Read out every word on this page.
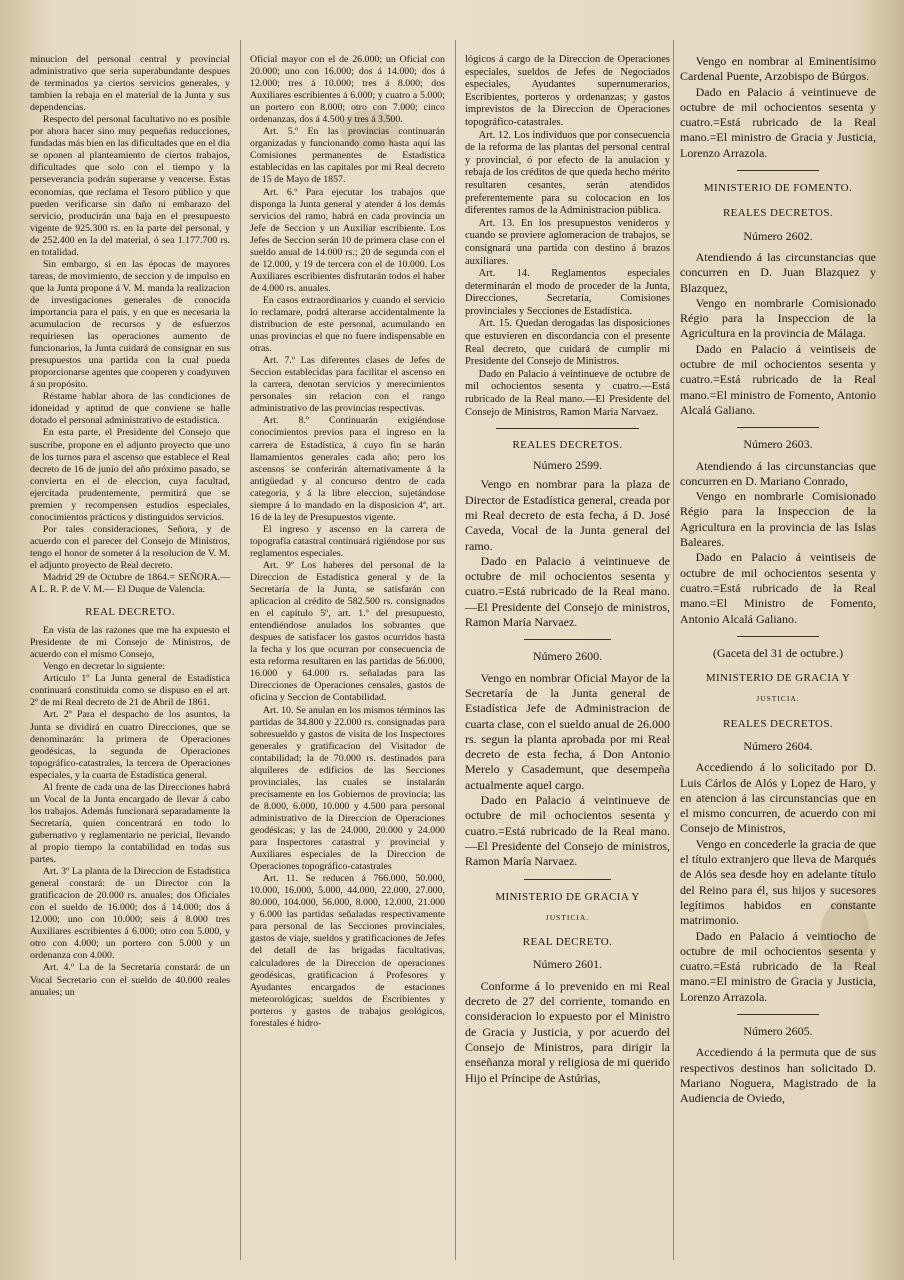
minucion del personal central y provincial administrativo que seria superabundante despues de terminados ya ciertos servicios generales, y tambien la rebaja en el material de la Junta y sus dependencias.

Respecto del personal facultativo no es posible por ahora hacer sino muy pequeñas reducciones, fundadas más bien en las dificultades que en el dia se oponen al planteamiento de ciertos trabajos, dificultades que solo con el tiempo y la perseverancia podrán superarse y vencerse. Estas economías, que reclama el Tesoro público y que pueden verificarse sin daño ni embarazo del servicio, producirán una baja en el presupuesto vigente de 925.300 rs. en la parte del personal, y de 252.400 en la del material, ó sea 1.177.700 rs. en totalidad.

Sin embargo, si en las épocas de mayores tareas, de movimiento, de seccion y de impulso en que la Junta propone á V. M. manda la realizacion de investigaciones generales de conocida importancia para el país, y en que es necesaria la acumulacion de recursos y de esfuerzos requiriesen las operaciones aumento de funcionarios, la Junta cuidará de consignar en sus presupuestos una partida con la cual pueda proporcionarse agentes que cooperen y coadyuven á su propósito.

Réstame hablar ahora de las condiciones de idoneidad y aptitud de que conviene se halle dotado el personal administrativo de estadística.

En esta parte, el Presidente del Consejo que suscribe, propone en el adjunto proyecto que uno de los turnos para el ascenso que establece el Real decreto de 16 de junio del año próximo pasado, se convierta en el de eleccion, cuya facultad, ejercitada prudentemente, permitirá que se premien y recompensen estudios especiales, conocimientos prácticos y distinguidos servicios.

Por tales consideraciones, Señora, y de acuerdo con el parecer del Consejo de Ministros, tengo el honor de someter á la resolucion de V. M. el adjunto proyecto de Real decreto.

Madrid 29 de Octubre de 1864.= SEÑORA.—A L. R. P. de V. M.— El Duque de Valencia.

REAL DECRETO.

En vista de las razones que me ha expuesto el Presidente de mi Consejo de Ministros, de acuerdo con el mismo Consejo,

Vengo en decretar lo siguiente:

Artículo 1º La Junta general de Estadística continuará constituida como se dispuso en el art. 2º de mi Real decreto de 21 de Abril de 1861.

Art. 2º Para el despacho de los asuntos, la Junta se dividirá en cuatro Direcciones, que se denominarán: la primera de Operaciones geodésicas, la segunda de Operaciones topográfico-catastrales, la tercera de Operaciones especiales, y la cuarta de Estadística general.

Al frente de cada una de las Direcciones habrá un Vocal de la Junta encargado de llevar á cabo los trabajos. Además funcionará separadamente la Secretaría, quien concentrará en todo lo gubernativo y reglamentario ne pericial, llevando al propio tiempo la contabilidad en todas sus partes.

Art. 3º La planta de la Direccion de Estadística general constará: de un Director con la gratificacion de 20.000 rs. anuales; dos Oficiales con el sueldo de 16.000; dos á 14.000; dos á 12.000; uno con 10.000; seis á 8.000 tres Auxiliares escribientes á 6.000; otro con 5.000, y otro con 4.000; un portero con 5.000 y un ordenanza con 4.000.

Art. 4.º La de la Secretaría constará: de un Vocal Secretario con el sueldo de 40.000 reales anuales; un

Oficial mayor con el de 26.000; un Oficial con 20.000; uno con 16.000; dos á 14.000; dos á 12.000; tres á 10.000; tres á 8.000; dos Auxiliares escribientes á 6.000; y cuatro a 5.000; un portero con 8.000; otro con 7.000; cinco ordenanzas, dos á 4.500 y tres á 3.500.

Art. 5.º En las provincias continuarán organizadas y funcionando como hasta aquí las Comisiones permanentes de Estadística establecidas en las capitales por mi Real decreto de 15 de Mayo de 1857.

Art. 6.º Para ejecutar los trabajos que disponga la Junta general y atender á los demás servicios del ramo, habrá en cada provincia un Jefe de Seccion y un Auxiliar escribiente. Los Jefes de Seccion serán 10 de primera clase con el sueldo anual de 14.000 rs.; 20 de segunda con el de 12.000, y 19 de tercera con el de 10.000. Los Auxiliares escribientes disfrutarán todos el haber de 4.000 rs. anuales.

En casos extraordinarios y cuando el servicio lo reclamare, podrá alterarse accidentalmente la distribucion de este personal, acumulando en unas provincias el que no fuere indispensable en otras.

Art. 7.º Las diferentes clases de Jefes de Seccion establecidas para facilitar el ascenso en la carrera, denotan servicios y merecimientos personales sin relacion con el rango administrativo de las provincias respectivas.

Art. 8.º Continuarán exigiéndose conocimientos previos para el ingreso en la carrera de Estadística, á cuyo fin se harán llamamientos generales cada año; pero los ascensos se conferirán alternativamente á la antigüedad y al concurso dentro de cada categoría, y á la libre eleccion, sujetándose siempre á lo mandado en la disposicion 4ª, art. 16 de la ley de Presupuestos vigente.

El ingreso y ascenso en la carrera de topografía catastral continuará rigiéndose por sus reglamentos especiales.

Art. 9º Los haberes del personal de la Direccion de Estadística general y de la Secretaría de la Junta, se satisfarán con aplicacion al crédito de 582.500 rs. consignados en el capítulo 5º, art. 1.º del presupuesto, entendiéndose anulados los sobrantes que despues de satisfacer los gastos ocurridos hasta la fecha y los que ocurran por consecuencia de esta reforma resultaren en las partidas de 56.000, 16.000 y 64.000 rs. señaladas para las Direcciones de Operaciones censales, gastos de oficina y Seccion de Contabilidad.

Art. 10. Se anulan en los mismos términos las partidas de 34.800 y 22.000 rs. consignadas para sobresueldo y gastos de visita de los Inspectores generales y gratificacion del Visitador de contabilidad; la de 70.000 rs. destinados para alquileres de edificios de las Secciones provinciales, las cuales se instalarán precisamente en los Gobiernos de provincia; las de 8.000, 6.000, 10.000 y 4.500 para personal administrativo de la Direccion de Operaciones geodésicas; y las de 24.000, 20.000 y 24.000 para Inspectores catastral y provincial y Auxiliares especiales de la Direccion de Operaciones topográfico-catastrales

Art. 11. Se reducen á 766.000, 50.000, 10.000, 16.000, 5.000, 44.000, 22.000, 27.000, 80.000, 104.000, 56.000, 8.000, 12.000, 21.000 y 6.000 las partidas señaladas respectivamente para personal de las Secciones provinciales, gastos de viaje, sueldos y gratificaciones de Jefes del detall de las brigadas facultativas, calculadores de la Direccion de operaciones geodésicas, gratificacion á Profesores y Ayudantes encargados de estaciones meteorológicas; sueldos de Escribientes y porteros y gastos de trabajos geológicos, forestales é hidro-

lógicos á cargo de la Direccion de Operaciones especiales, sueldos de Jefes de Negociados especiales, Ayudantes supernumerarios, Escribientes, porteros y ordenanzas; y gastos imprevistos de la Direccion de Operaciones topográfico-catastrales.

Art. 12. Los individuos que por consecuencia de la reforma de las plantas del personal central y provincial, ó por efecto de la anulacion y rebaja de los créditos de que queda hecho mérito resultaren cesantes, serán atendidos preferentemente para su colocacion en los diferentes ramos de la Administracion pública.

Art. 13. En los presupuestos venideros y cuando se proviere aglomeracion de trabajos, se consignará una partida con destino á brazos auxiliares.

Art. 14. Reglamentos especiales determinarán el modo de proceder de la Junta, Direcciones, Secretaría, Comisiones provinciales y Secciones de Estadística.

Art. 15. Quedan derogadas las disposiciones que estuvieren en discordancia con el presente Real decreto, que cuidará de cumplir mi Presidente del Consejo de Ministros.

Dado en Palacio á veintinueve de octubre de mil ochocientos sesenta y cuatro.—Está rubricado de la Real mano.—El Presidente del Consejo de Ministros, Ramon María Narvaez.

REALES DECRETOS.
Número 2599.

Vengo en nombrar para la plaza de Director de Estadística general, creada por mi Real decreto de esta fecha, á D. José Caveda, Vocal de la Junta general del ramo.

Dado en Palacio á veintinueve de octubre de mil ochocientos sesenta y cuatro.=Está rubricado de la Real mano.—El Presidente del Consejo de ministros, Ramon María Narvaez.

Número 2600.

Vengo en nombrar Oficial Mayor de la Secretaría de la Junta general de Estadística Jefe de Administracion de cuarta clase, con el sueldo anual de 26.000 rs. segun la planta aprobada por mi Real decreto de esta fecha, á Don Antonio Merelo y Casademunt, que desempeña actualmente aquel cargo.

Dado en Palacio á veintinueve de octubre de mil ochocientos sesenta y cuatro.=Está rubricado de la Real mano.—El Presidente del Consejo de ministros, Ramon María Narvaez.

MINISTERIO DE GRACIA Y
JUSTICIA.
REAL DECRETO.
Número 2601.

Conforme á lo prevenido en mi Real decreto de 27 del corriente, tomando en consideracion lo expuesto por el Ministro de Gracia y Justicia, y por acuerdo del Consejo de Ministros, para dirigir la enseñanza moral y religiosa de mi querido Hijo el Príncipe de Astúrias,

Vengo en nombrar al Eminentísimo Cardenal Puente, Arzobispo de Búrgos.

Dado en Palacio á veintinueve de octubre de mil ochocientos sesenta y cuatro.=Está rubricado de la Real mano.=El ministro de Gracia y Justicia, Lorenzo Arrazola.

MINISTERIO DE FOMENTO.
REALES DECRETOS.
Número 2602.

Atendiendo á las circunstancias que concurren en D. Juan Blazquez y Blazquez,

Vengo en nombrarle Comisionado Régio para la Inspeccion de la Agricultura en la provincia de Málaga.

Dado en Palacio á veintiseis de octubre de mil ochocientos sesenta y cuatro.=Está rubricado de la Real mano.=El ministro de Fomento, Antonio Alcalá Galiano.

Número 2603.

Atendiendo á las circunstancias que concurren en D. Mariano Conrado,

Vengo en nombrarle Comisionado Régio para la Inspeccion de la Agricultura en la provincia de las Islas Baleares.

Dado en Palacio á veintiseis de octubre de mil ochocientos sesenta y cuatro.=Está rubricado de la Real mano.=El Ministro de Fomento, Antonio Alcalá Galiano.

(Gaceta del 31 de octubre.)
MINISTERIO DE GRACIA Y
JUSTICIA.
REALES DECRETOS.
Número 2604.

Accediendo á lo solicitado por D. Luis Cárlos de Alós y Lopez de Haro, y en atencion á las circunstancias que en el mismo concurren, de acuerdo con mi Consejo de Ministros,

Vengo en concederle la gracia de que el título extranjero que lleva de Marqués de Alós sea desde hoy en adelante título del Reino para él, sus hijos y sucesores legítimos habidos en constante matrimonio.

Dado en Palacio á veintiocho de octubre de mil ochocientos sesenta y cuatro.=Está rubricado de la Real mano.=El ministro de Gracia y Justicia, Lorenzo Arrazola.

Número 2605.

Accediendo á la permuta que de sus respectivos destinos han solicitado D. Mariano Noguera, Magistrado de la Audiencia de Oviedo,
